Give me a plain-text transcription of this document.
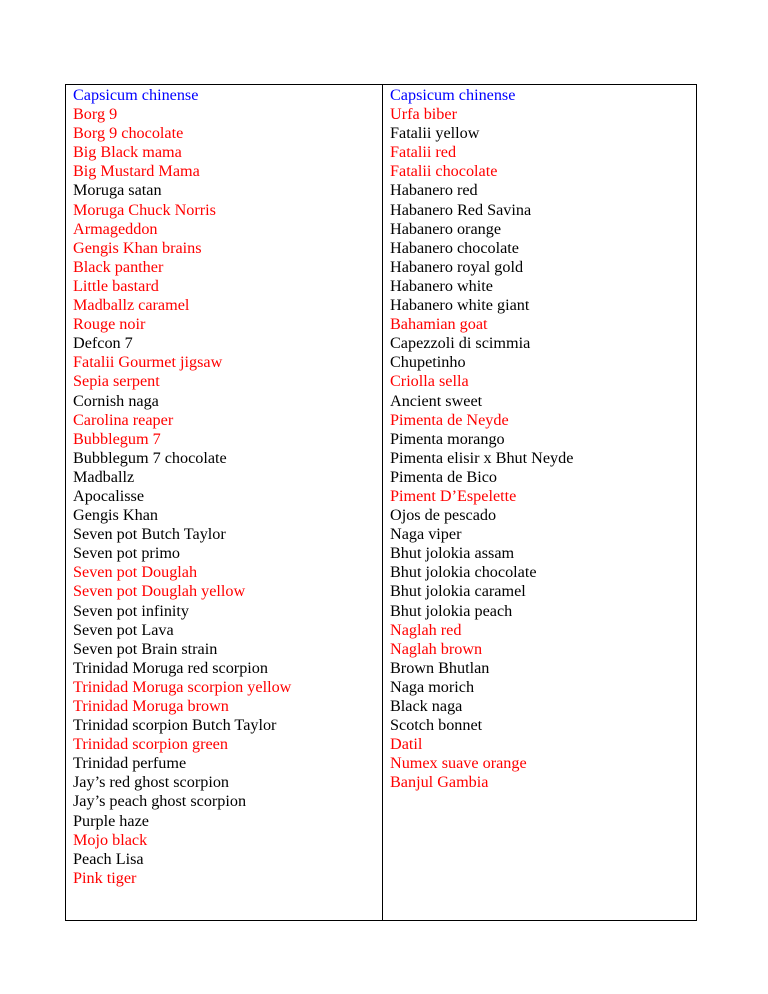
Capsicum chinense
Borg 9
Borg 9 chocolate
Big Black mama
Big Mustard Mama
Moruga satan
Moruga Chuck Norris
Armageddon
Gengis Khan brains
Black panther
Little bastard
Madballz caramel
Rouge noir
Defcon 7
Fatalii Gourmet jigsaw
Sepia serpent
Cornish naga
Carolina reaper
Bubblegum 7
Bubblegum 7 chocolate
Madballz
Apocalisse
Gengis Khan
Seven pot Butch Taylor
Seven pot primo
Seven pot Douglah
Seven pot Douglah yellow
Seven pot infinity
Seven pot Lava
Seven pot Brain strain
Trinidad Moruga red scorpion
Trinidad Moruga scorpion yellow
Trinidad Moruga brown
Trinidad scorpion Butch Taylor
Trinidad scorpion green
Trinidad perfume
Jay’s red ghost scorpion
Jay’s peach ghost scorpion
Purple haze
Mojo black
Peach Lisa
Pink tiger
Capsicum chinense
Urfa biber
Fatalii yellow
Fatalii red
Fatalii chocolate
Habanero red
Habanero Red Savina
Habanero orange
Habanero chocolate
Habanero royal gold
Habanero white
Habanero white giant
Bahamian goat
Capezzoli di scimmia
Chupetinho
Criolla sella
Ancient sweet
Pimenta de Neyde
Pimenta morango
Pimenta elisir x Bhut Neyde
Pimenta de Bico
Piment D’Espelette
Ojos de pescado
Naga viper
Bhut jolokia assam
Bhut jolokia chocolate
Bhut jolokia caramel
Bhut jolokia peach
Naglah red
Naglah brown
Brown Bhutlan
Naga morich
Black naga
Scotch bonnet
Datil
Numex suave orange
Banjul Gambia
